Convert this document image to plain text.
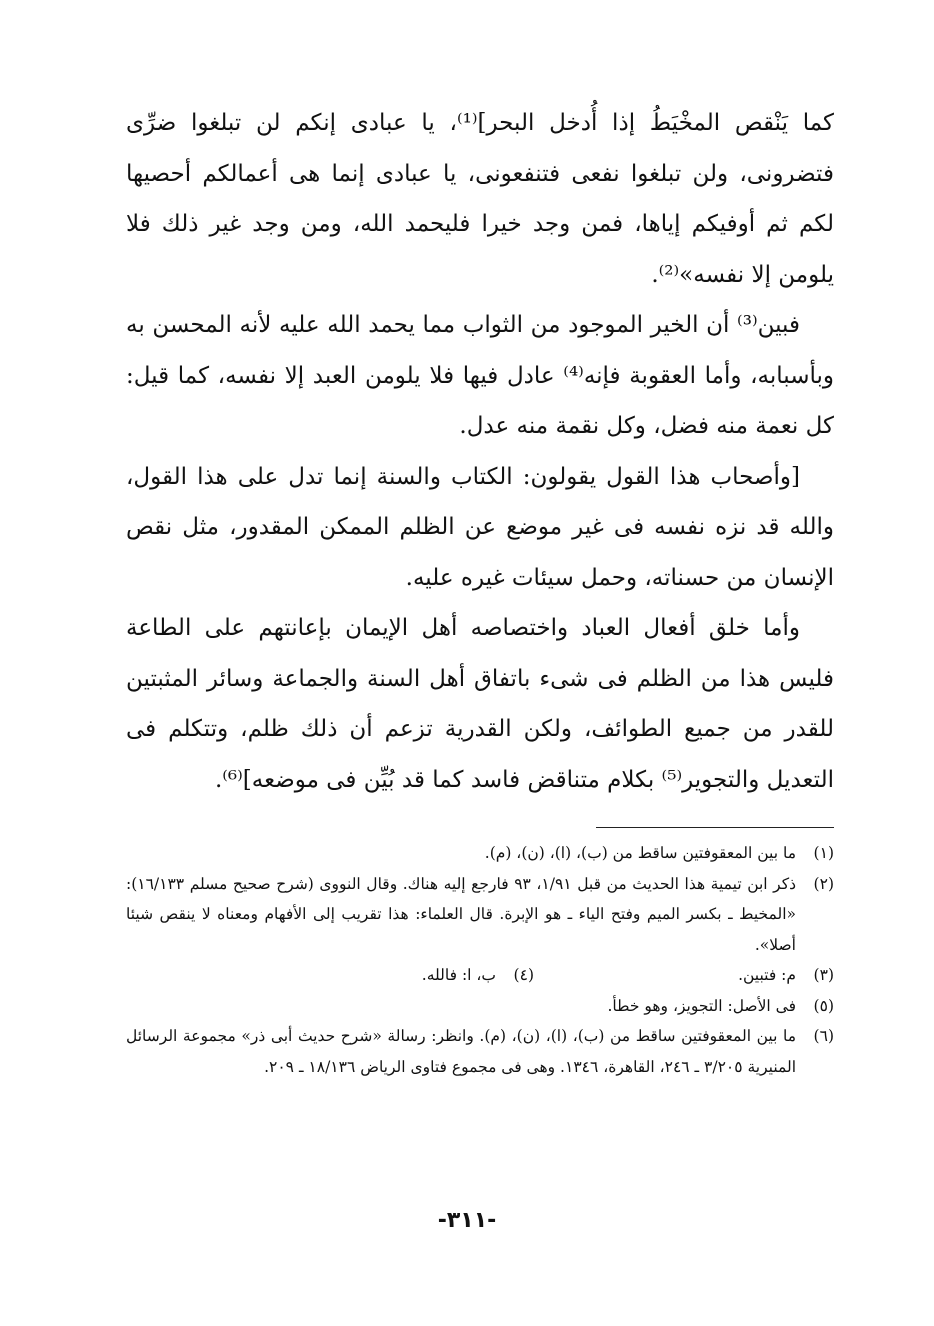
كما يَنْقص المخْيَطُ إذا أُدخل البحر]⁽¹⁾، يا عبادى إنكم لن تبلغوا ضرِّى فتضرونى، ولن تبلغوا نفعى فتنفعونى، يا عبادى إنما هى أعمالكم أحصيها لكم ثم أوفيكم إياها، فمن وجد خيرا فليحمد الله، ومن وجد غير ذلك فلا يلومن إلا نفسه»⁽²⁾.

فبين⁽³⁾ أن الخير الموجود من الثواب مما يحمد الله عليه لأنه المحسن به وبأسبابه، وأما العقوبة فإنه⁽⁴⁾ عادل فيها فلا يلومن العبد إلا نفسه، كما قيل: كل نعمة منه فضل، وكل نقمة منه عدل.

[وأصحاب هذا القول يقولون: الكتاب والسنة إنما تدل على هذا القول، والله قد نزه نفسه فى غير موضع عن الظلم الممكن المقدور، مثل نقص الإنسان من حسناته، وحمل سيئات غيره عليه.

وأما خلق أفعال العباد واختصاصه أهل الإيمان بإعانتهم على الطاعة فليس هذا من الظلم فى شىء باتفاق أهل السنة والجماعة وسائر المثبتين للقدر من جميع الطوائف، ولكن القدرية تزعم أن ذلك ظلم، وتتكلم فى التعديل والتجوير⁽⁵⁾ بكلام متناقض فاسد كما قد بُيِّن فى موضعه]⁽⁶⁾.

(١)
ما بين المعقوفتين ساقط من (ب)، (ا)، (ن)، (م).
(٢)
ذكر ابن تيمية هذا الحديث من قبل ١/٩١، ٩٣ فارجع إليه هناك. وقال النووى (شرح صحيح مسلم ١٦/١٣٣): «المخيط ـ بكسر الميم وفتح الياء ـ هو الإبرة. قال العلماء: هذا تقريب إلى الأفهام ومعناه لا ينقص شيئا أصلا».
(٣)
م: فتبين.
(٤)
ب، ا: فالله.
(٥)
فى الأصل: التجويز، وهو خطأ.
(٦)
ما بين المعقوفتين ساقط من (ب)، (ا)، (ن)، (م). وانظر: رسالة «شرح حديث أبى ذر» مجموعة الرسائل المنيرية ٣/٢٠٥ ـ ٢٤٦، القاهرة، ١٣٤٦. وهى فى مجموع فتاوى الرياض ١٨/١٣٦ ـ ٢٠٩.
-٣١١-
